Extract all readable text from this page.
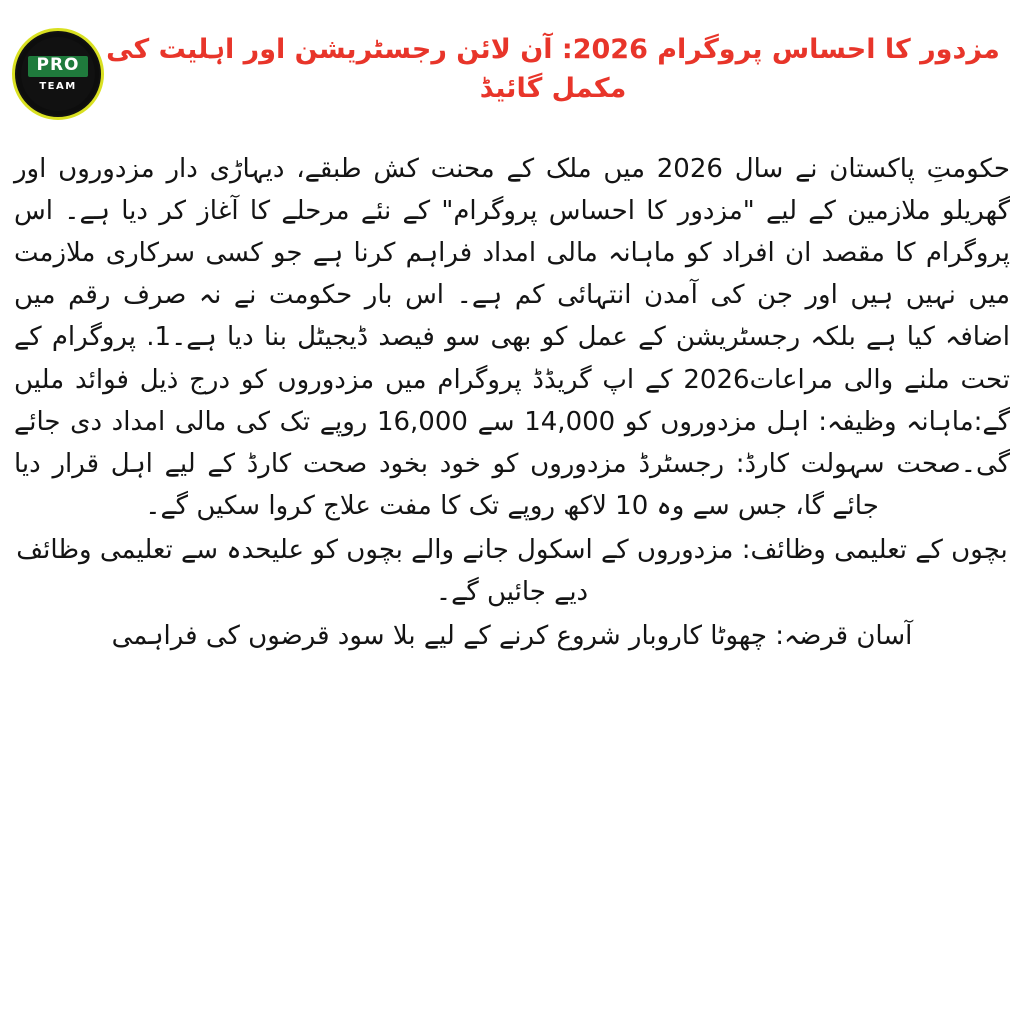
PRO
TEAM
مزدور کا احساس پروگرام 2026: آن لائن رجسٹریشن اور اہلیت کی مکمل گائیڈ

حکومتِ پاکستان نے سال 2026 میں ملک کے محنت کش طبقے، دیہاڑی دار مزدوروں اور گھریلو ملازمین کے لیے "مزدور کا احساس پروگرام" کے نئے مرحلے کا آغاز کر دیا ہے۔ اس پروگرام کا مقصد ان افراد کو ماہانہ مالی امداد فراہم کرنا ہے جو کسی سرکاری ملازمت میں نہیں ہیں اور جن کی آمدن انتہائی کم ہے۔ اس بار حکومت نے نہ صرف رقم میں اضافہ کیا ہے بلکہ رجسٹریشن کے عمل کو بھی سو فیصد ڈیجیٹل بنا دیا ہے۔1. پروگرام کے تحت ملنے والی مراعات2026 کے اپ گریڈڈ پروگرام میں مزدوروں کو درج ذیل فوائد ملیں گے:ماہانہ وظیفہ: اہل مزدوروں کو 14,000 سے 16,000 روپے تک کی مالی امداد دی جائے گی۔صحت سہولت کارڈ: رجسٹرڈ مزدوروں کو خود بخود صحت کارڈ کے لیے اہل قرار دیا جائے گا، جس سے وہ 10 لاکھ روپے تک کا مفت علاج کروا سکیں گے۔

بچوں کے تعلیمی وظائف: مزدوروں کے اسکول جانے والے بچوں کو علیحدہ سے تعلیمی وظائف دیے جائیں گے۔

آسان قرضہ: چھوٹا کاروبار شروع کرنے کے لیے بلا سود قرضوں کی فراہمی
